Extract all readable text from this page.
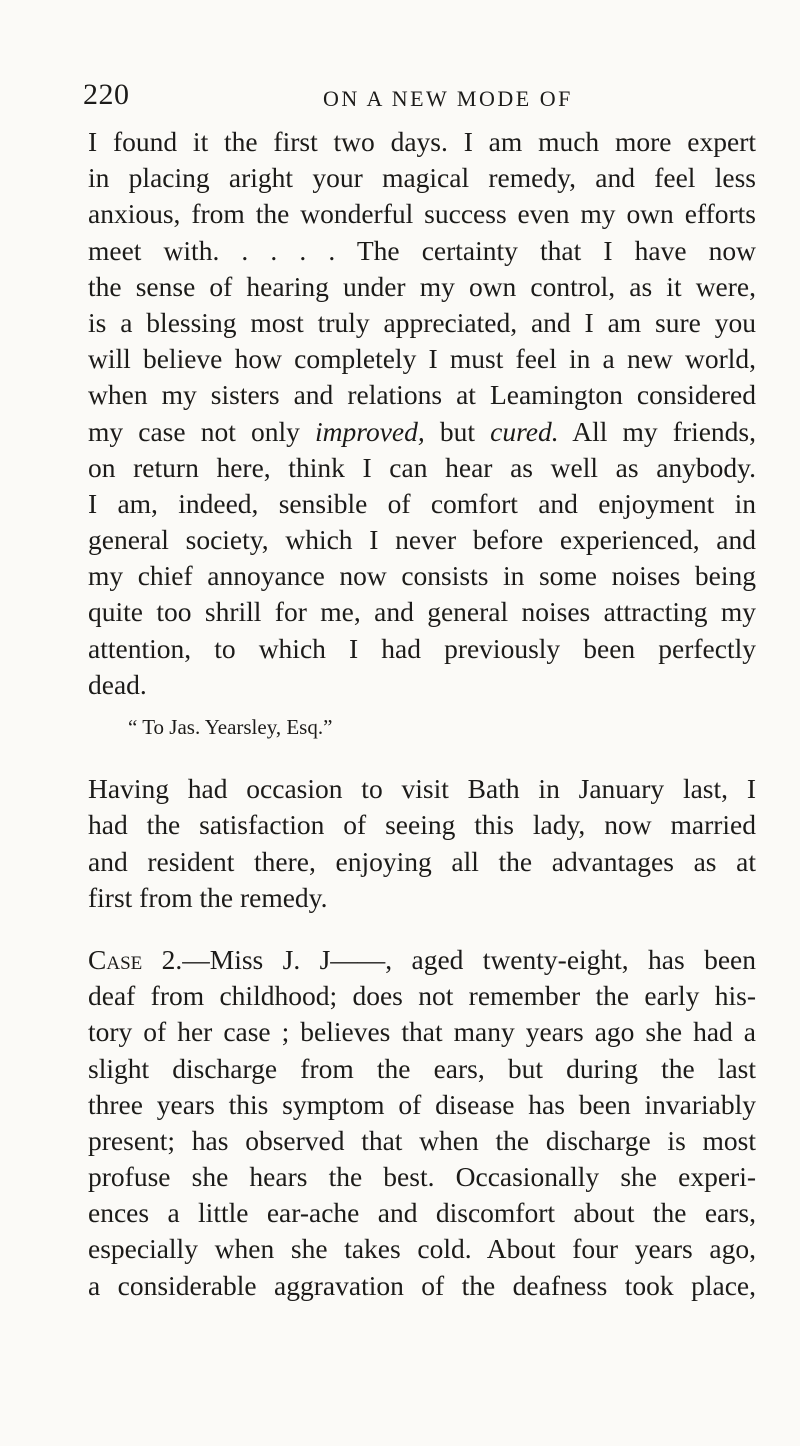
220	ON A NEW MODE OF
I found it the first two days. I am much more expert
in placing aright your magical remedy, and feel less
anxious, from the wonderful success even my own efforts
meet with. . . . . The certainty that I have now
the sense of hearing under my own control, as it were,
is a blessing most truly appreciated, and I am sure you
will believe how completely I must feel in a new world,
when my sisters and relations at Leamington considered
my case not only improved, but cured. All my friends,
on return here, think I can hear as well as anybody.
I am, indeed, sensible of comfort and enjoyment in
general society, which I never before experienced, and
my chief annoyance now consists in some noises being
quite too shrill for me, and general noises attracting my
attention, to which I had previously been perfectly
dead.
“ To Jas. Yearsley, Esq.”
Having had occasion to visit Bath in January last, I
had the satisfaction of seeing this lady, now married
and resident there, enjoying all the advantages as at
first from the remedy.
Case 2.—Miss J. J——, aged twenty-eight, has been
deaf from childhood; does not remember the early his-
tory of her case ; believes that many years ago she had a
slight discharge from the ears, but during the last
three years this symptom of disease has been invariably
present; has observed that when the discharge is most
profuse she hears the best. Occasionally she experi-
ences a little ear-ache and discomfort about the ears,
especially when she takes cold. About four years ago,
a considerable aggravation of the deafness took place,
